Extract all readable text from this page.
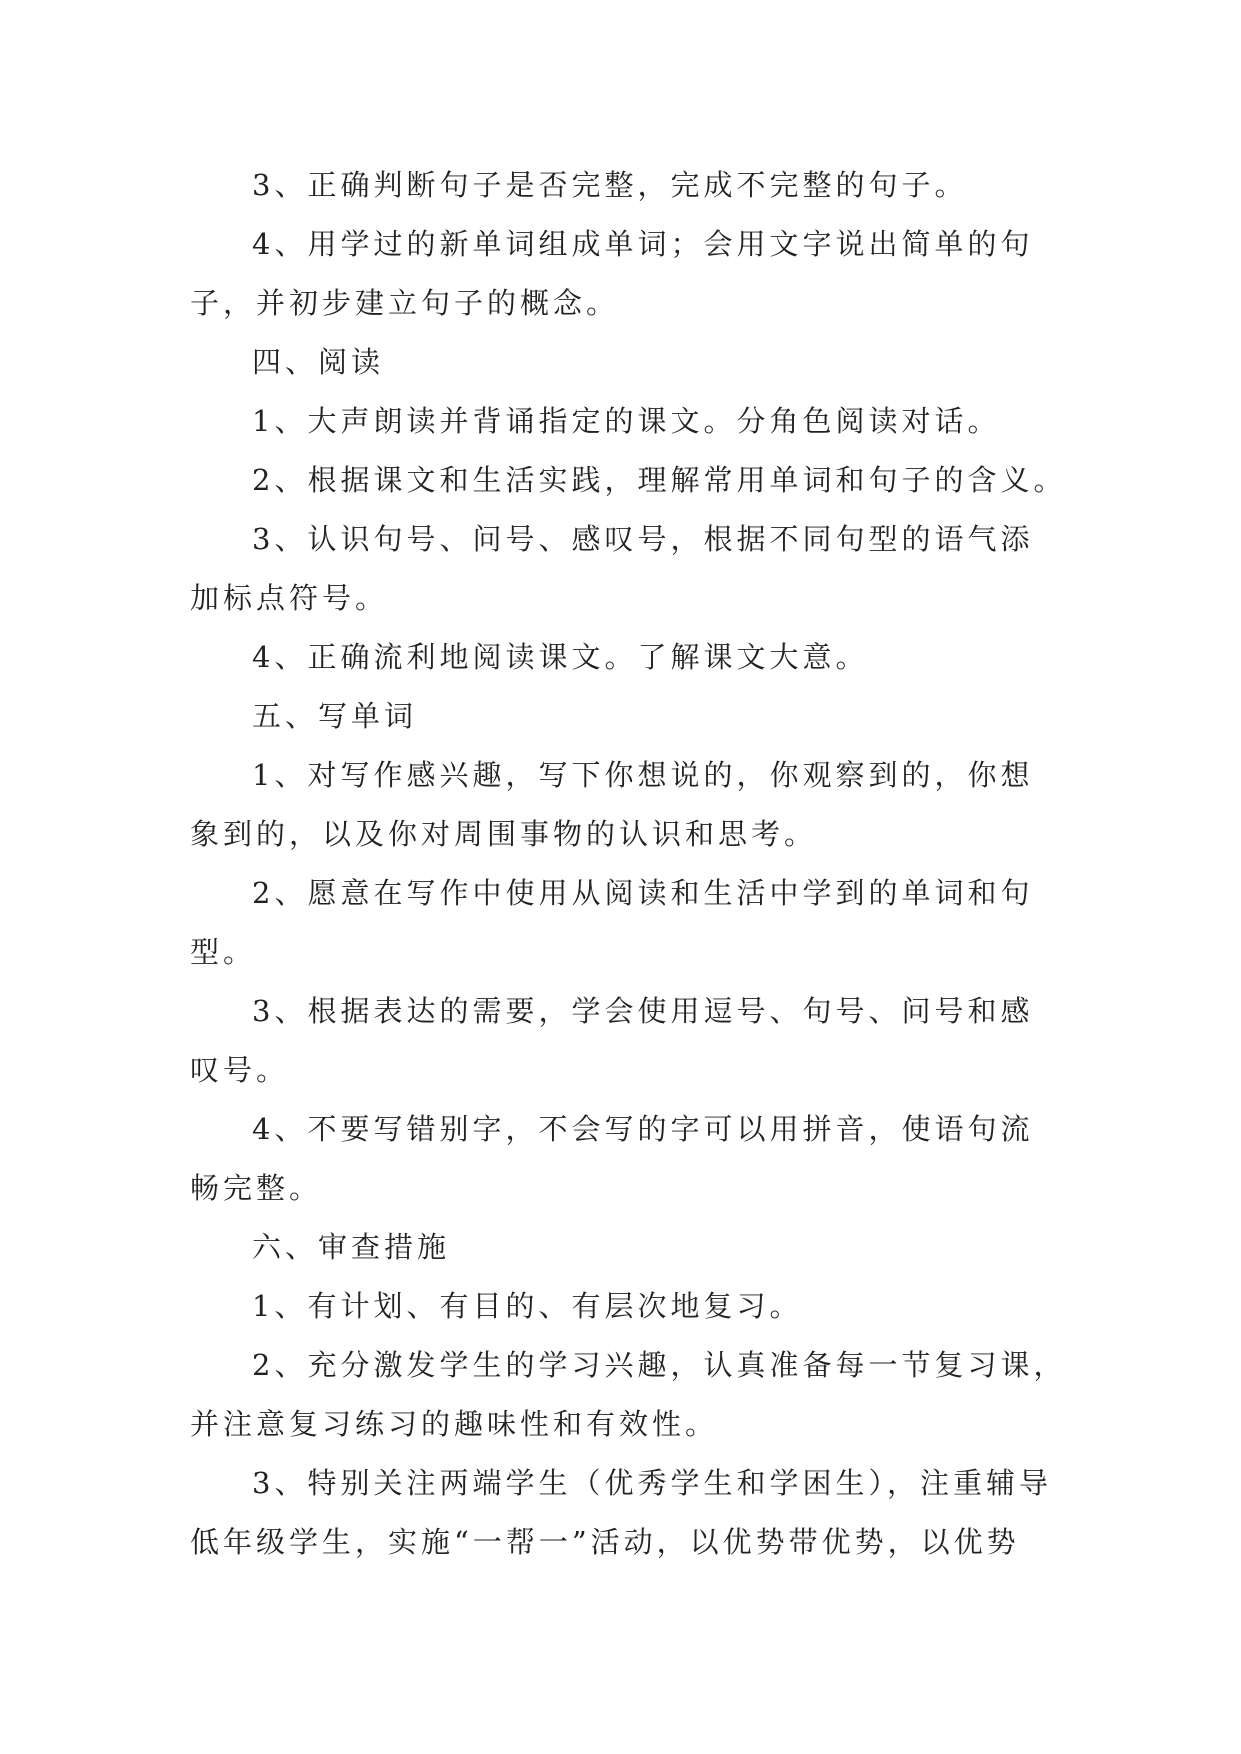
3、正确判断句子是否完整，完成不完整的句子。
4、用学过的新单词组成单词；会用文字说出简单的句
子，并初步建立句子的概念。
四、阅读
1、大声朗读并背诵指定的课文。分角色阅读对话。
2、根据课文和生活实践，理解常用单词和句子的含义。
3、认识句号、问号、感叹号，根据不同句型的语气添
加标点符号。
4、正确流利地阅读课文。了解课文大意。
五、写单词
1、对写作感兴趣，写下你想说的，你观察到的，你想
象到的，以及你对周围事物的认识和思考。
2、愿意在写作中使用从阅读和生活中学到的单词和句
型。
3、根据表达的需要，学会使用逗号、句号、问号和感
叹号。
4、不要写错别字，不会写的字可以用拼音，使语句流
畅完整。
六、审查措施
1、有计划、有目的、有层次地复习。
2、充分激发学生的学习兴趣，认真准备每一节复习课，
并注意复习练习的趣味性和有效性。
3、特别关注两端学生（优秀学生和学困生），注重辅导
低年级学生，实施“一帮一”活动，以优势带优势，以优势
